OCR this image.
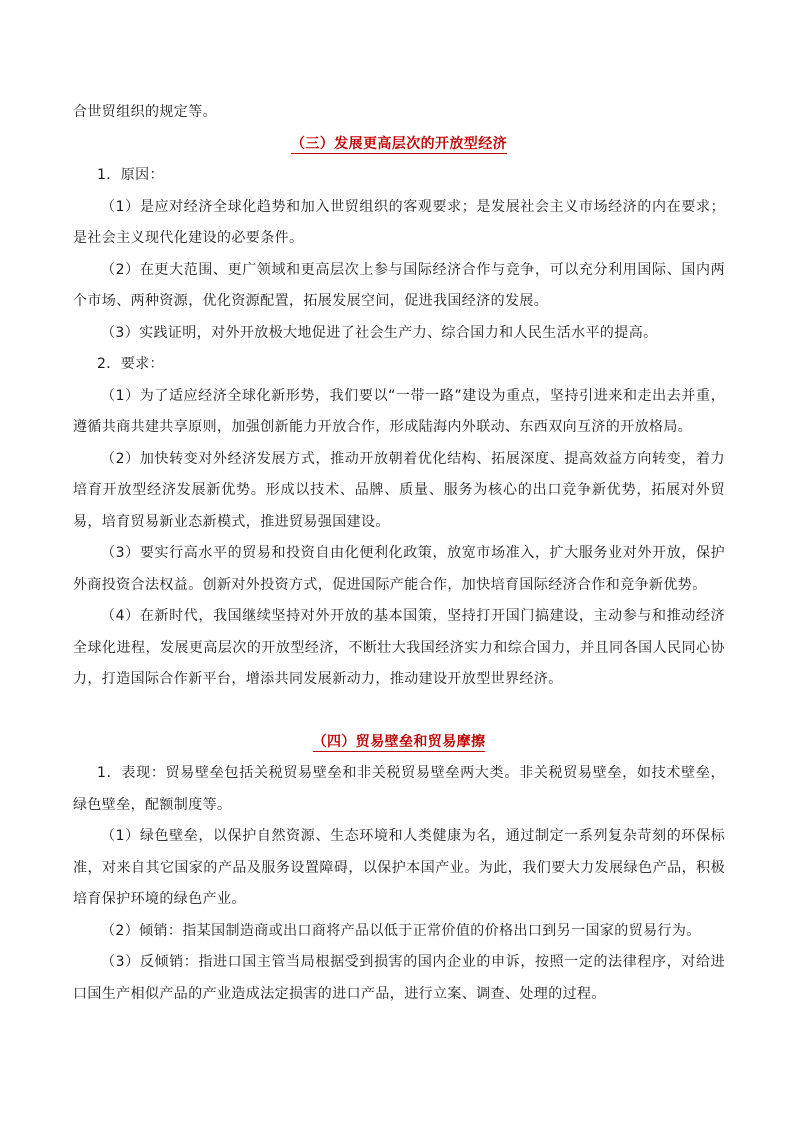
合世贸组织的规定等。

（三）发展更高层次的开放型经济

1．原因：

（1）是应对经济全球化趋势和加入世贸组织的客观要求；是发展社会主义市场经济的内在要求；是社会主义现代化建设的必要条件。

（2）在更大范围、更广领域和更高层次上参与国际经济合作与竞争，可以充分利用国际、国内两个市场、两种资源，优化资源配置，拓展发展空间，促进我国经济的发展。

（3）实践证明，对外开放极大地促进了社会生产力、综合国力和人民生活水平的提高。

2．要求：

（1）为了适应经济全球化新形势，我们要以“一带一路”建设为重点，坚持引进来和走出去并重，遵循共商共建共享原则，加强创新能力开放合作，形成陆海内外联动、东西双向互济的开放格局。

（2）加快转变对外经济发展方式，推动开放朝着优化结构、拓展深度、提高效益方向转变，着力培育开放型经济发展新优势。形成以技术、品牌、质量、服务为核心的出口竞争新优势，拓展对外贸易，培育贸易新业态新模式，推进贸易强国建设。

（3）要实行高水平的贸易和投资自由化便利化政策，放宽市场准入，扩大服务业对外开放，保护外商投资合法权益。创新对外投资方式，促进国际产能合作，加快培育国际经济合作和竞争新优势。

（4）在新时代，我国继续坚持对外开放的基本国策，坚持打开国门搞建设，主动参与和推动经济全球化进程，发展更高层次的开放型经济，不断壮大我国经济实力和综合国力，并且同各国人民同心协力，打造国际合作新平台，增添共同发展新动力，推动建设开放型世界经济。

（四）贸易壁垒和贸易摩擦

1．表现：贸易壁垒包括关税贸易壁垒和非关税贸易壁垒两大类。非关税贸易壁垒，如技术壁垒，绿色壁垒，配额制度等。

（1）绿色壁垒，以保护自然资源、生态环境和人类健康为名，通过制定一系列复杂苛刻的环保标准，对来自其它国家的产品及服务设置障碍，以保护本国产业。为此，我们要大力发展绿色产品，积极培育保护环境的绿色产业。

（2）倾销：指某国制造商或出口商将产品以低于正常价值的价格出口到另一国家的贸易行为。

（3）反倾销：指进口国主管当局根据受到损害的国内企业的申诉，按照一定的法律程序，对给进口国生产相似产品的产业造成法定损害的进口产品，进行立案、调查、处理的过程。
